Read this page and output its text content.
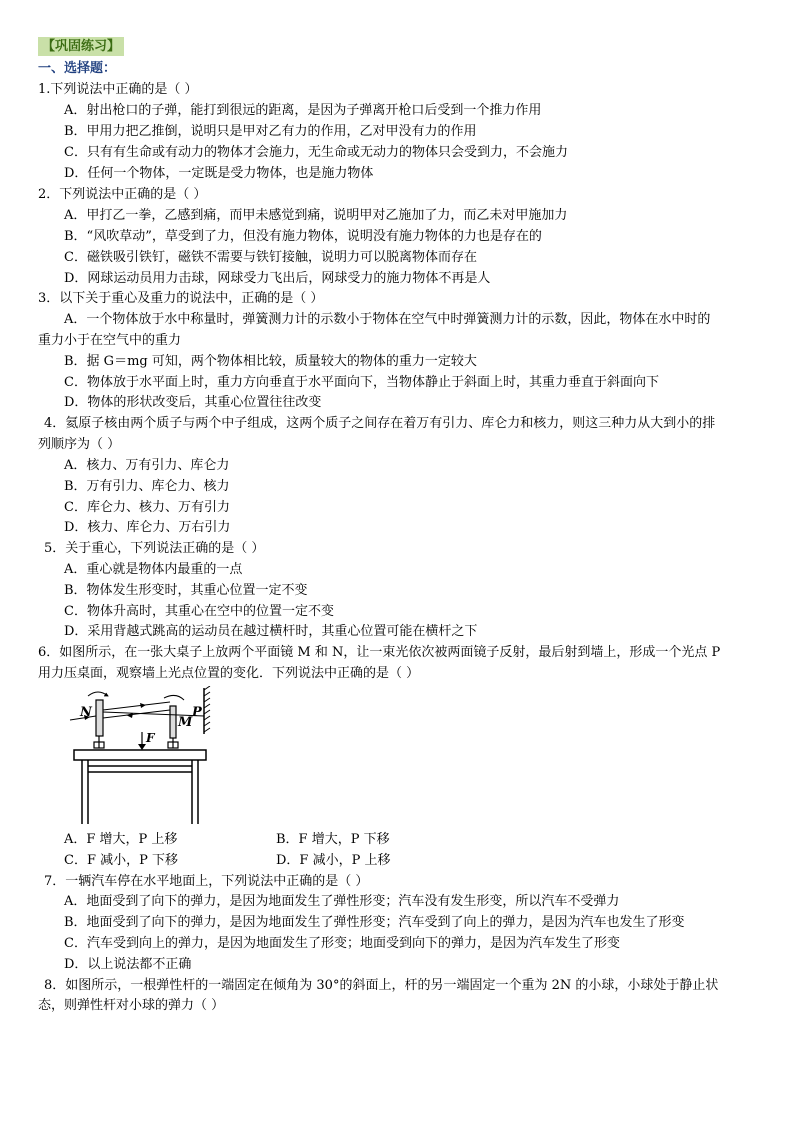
【巩固练习】
一、选择题：
1.下列说法中正确的是（ ）
A．射出枪口的子弹，能打到很远的距离，是因为子弹离开枪口后受到一个推力作用
B．甲用力把乙推倒，说明只是甲对乙有力的作用，乙对甲没有力的作用
C．只有有生命或有动力的物体才会施力，无生命或无动力的物体只会受到力，不会施力
D．任何一个物体，一定既是受力物体，也是施力物体
2．下列说法中正确的是（ ）
A．甲打乙一拳，乙感到痛，而甲未感觉到痛，说明甲对乙施加了力，而乙未对甲施加力
B．“风吹草动”，草受到了力，但没有施力物体，说明没有施力物体的力也是存在的
C．磁铁吸引铁钉，磁铁不需要与铁钉接触，说明力可以脱离物体而存在
D．网球运动员用力击球，网球受力飞出后，网球受力的施力物体不再是人
3．以下关于重心及重力的说法中，正确的是（ ）
A．一个物体放于水中称量时，弹簧测力计的示数小于物体在空气中时弹簧测力计的示数，因此，物体在水中时的
重力小于在空气中的重力
B．据 G＝mg 可知，两个物体相比较，质量较大的物体的重力一定较大
C．物体放于水平面上时，重力方向垂直于水平面向下，当物体静止于斜面上时，其重力垂直于斜面向下
D．物体的形状改变后，其重心位置往往改变
4．氦原子核由两个质子与两个中子组成，这两个质子之间存在着万有引力、库仑力和核力，则这三种力从大到小的排
列顺序为（ ）
A．核力、万有引力、库仑力
B．万有引力、库仑力、核力
C．库仑力、核力、万有引力
D．核力、库仑力、万右引力
5．关于重心，下列说法正确的是（ ）
A．重心就是物体内最重的一点
B．物体发生形变时，其重心位置一定不变
C．物体升高时，其重心在空中的位置一定不变
D．采用背越式跳高的运动员在越过横杆时，其重心位置可能在横杆之下
6．如图所示，在一张大桌子上放两个平面镜 M 和 N，让一束光依次被两面镜子反射，最后射到墙上，形成一个光点 P
用力压桌面，观察墙上光点位置的变化．下列说法中正确的是（ ）
N
M
P
F
A．F 增大，P 上移	B．F 增大，P 下移
C．F 减小，P 下移	D．F 减小，P 上移
7．一辆汽车停在水平地面上，下列说法中正确的是（ ）
A．地面受到了向下的弹力，是因为地面发生了弹性形变；汽车没有发生形变，所以汽车不受弹力
B．地面受到了向下的弹力，是因为地面发生了弹性形变；汽车受到了向上的弹力，是因为汽车也发生了形变
C．汽车受到向上的弹力，是因为地面发生了形变；地面受到向下的弹力，是因为汽车发生了形变
D．以上说法都不正确
8．如图所示，一根弹性杆的一端固定在倾角为 30°的斜面上，杆的另一端固定一个重为 2N 的小球，小球处于静止状
态，则弹性杆对小球的弹力（ ）
